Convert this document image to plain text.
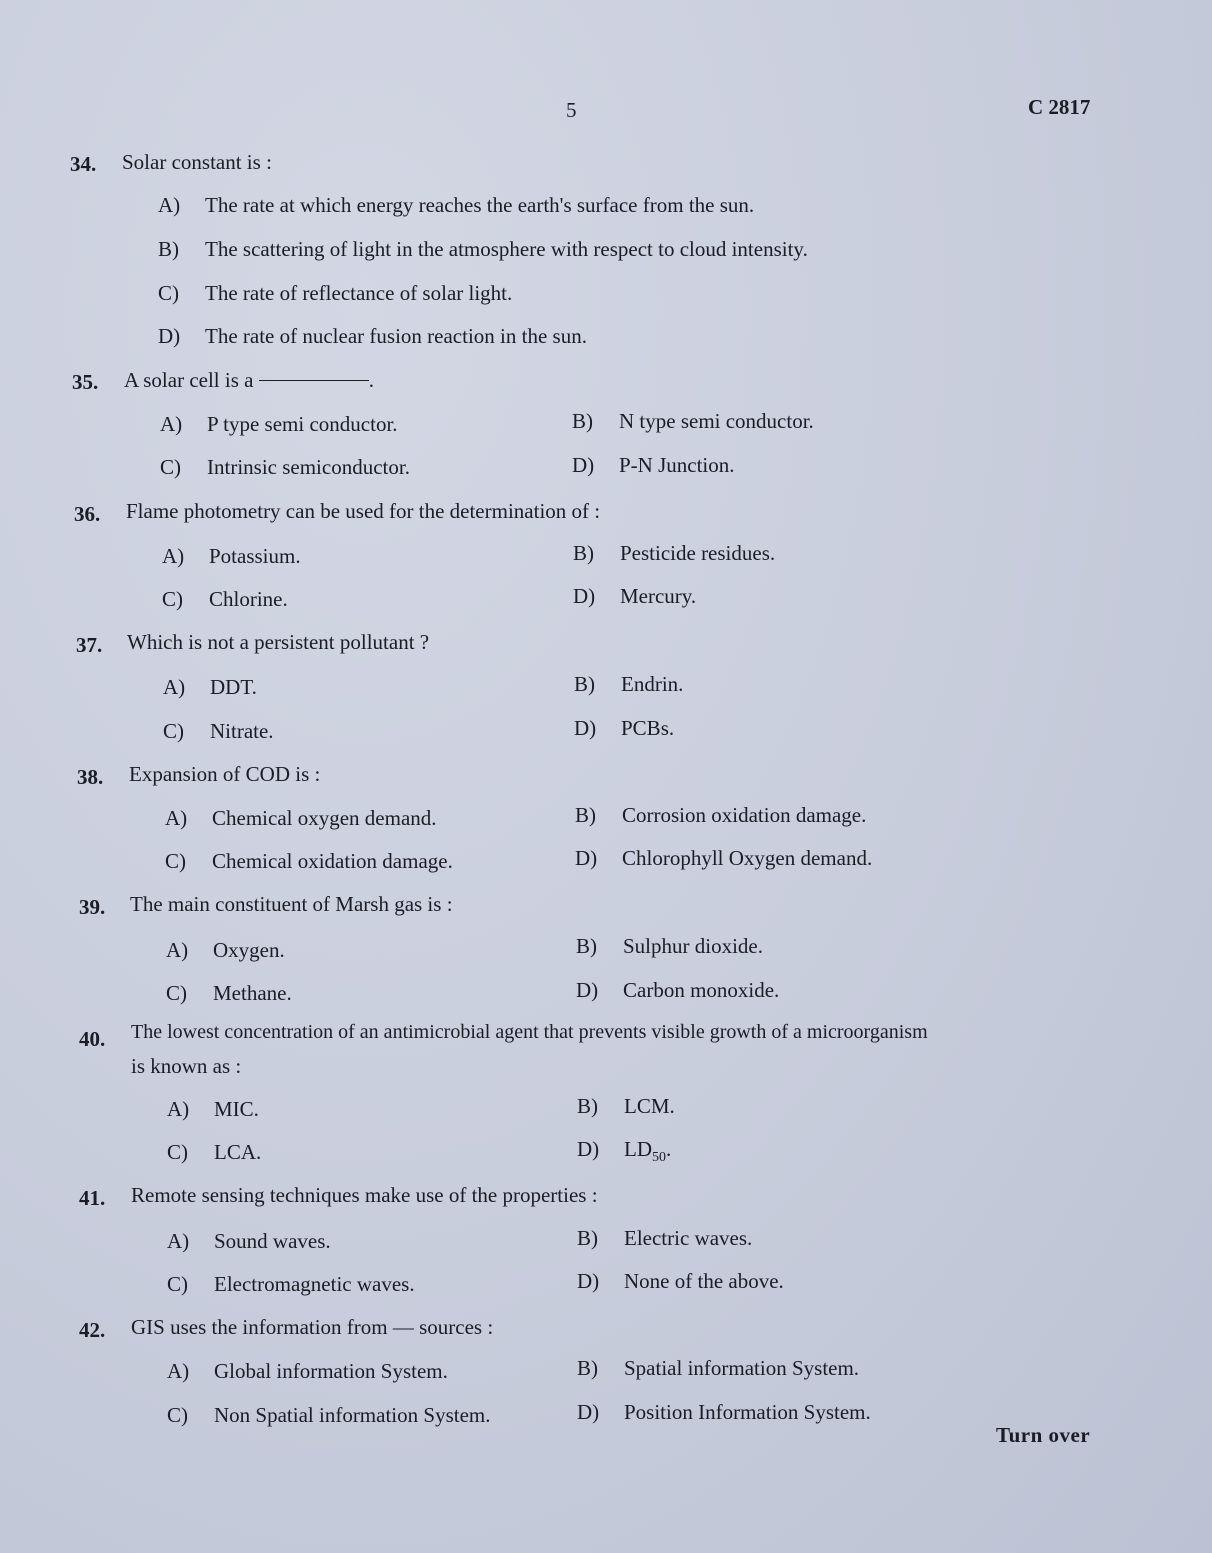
5	C 2817
34. Solar constant is :
A) The rate at which energy reaches the earth's surface from the sun.
B) The scattering of light in the atmosphere with respect to cloud intensity.
C) The rate of reflectance of solar light.
D) The rate of nuclear fusion reaction in the sun.
35. A solar cell is a	.
A) P type semi conductor.	B) N type semi conductor.
C) Intrinsic semiconductor.	D) P-N Junction.
36. Flame photometry can be used for the determination of :
A) Potassium.	B) Pesticide residues.
C) Chlorine.	D) Mercury.
37. Which is not a persistent pollutant ?
A) DDT.	B) Endrin.
C) Nitrate.	D) PCBs.
38. Expansion of COD is :
A) Chemical oxygen demand.	B) Corrosion oxidation damage.
C) Chemical oxidation damage.	D) Chlorophyll Oxygen demand.
39. The main constituent of Marsh gas is :
A) Oxygen.	B) Sulphur dioxide.
C) Methane.	D) Carbon monoxide.
40. The lowest concentration of an antimicrobial agent that prevents visible growth of a microorganism
is known as :
A) MIC.	B) LCM.
C) LCA.	D) $LD_{50}$.
41. Remote sensing techniques make use of the properties :
A) Sound waves.	B) Electric waves.
C) Electromagnetic waves.	D) None of the above.
42. GIS uses the information from — sources :
A) Global information System.	B) Spatial information System.
C) Non Spatial information System.	D) Position Information System.
Turn over
